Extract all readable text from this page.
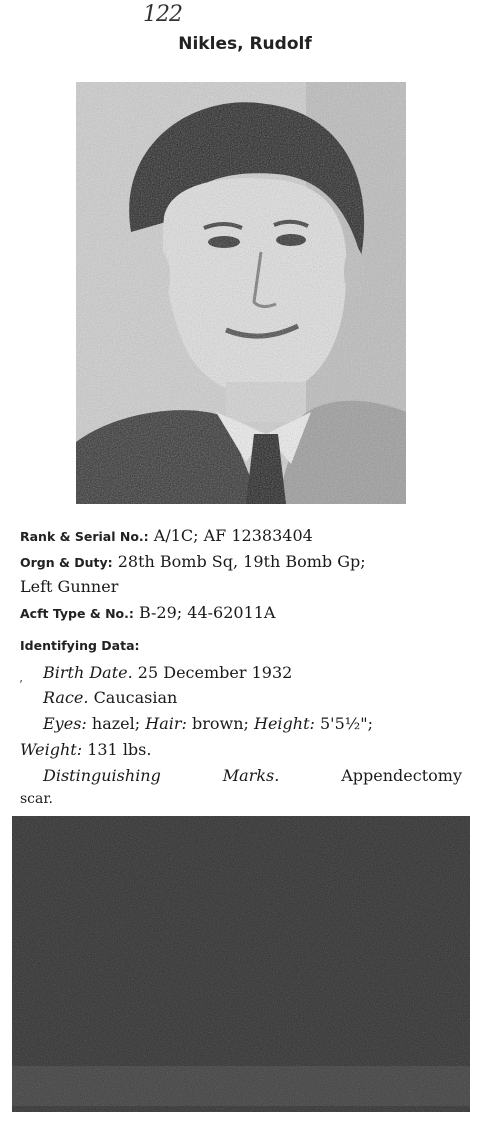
122
Nikles, Rudolf
Rank & Serial No.: A/1C; AF 12383404
Orgn & Duty: 28th Bomb Sq, 19th Bomb Gp;
Left Gunner
Acft Type & No.: B-29; 44-62011A
Identifying Data:
’
Birth Date. 25 December 1932
Race. Caucasian
Eyes: hazel; Hair: brown; Height: 5'5½";
Weight: 131 lbs.
Distinguishing	Marks.	Appendectomy
scar.
